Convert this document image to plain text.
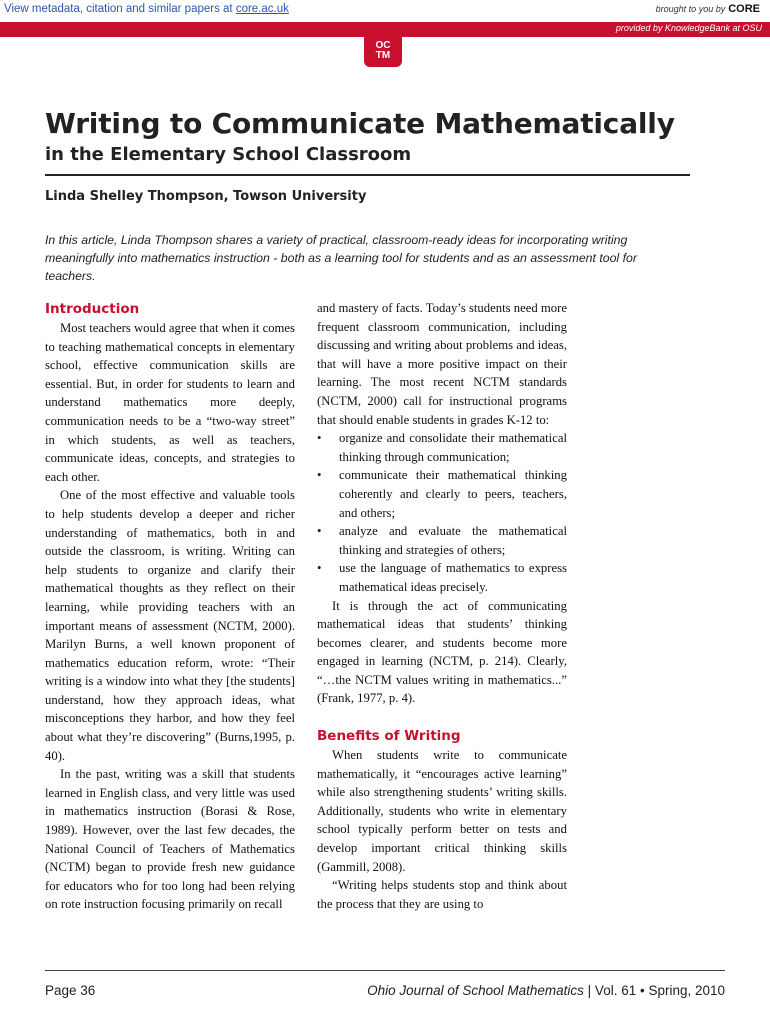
View metadata, citation and similar papers at core.ac.uk	brought to you by CORE
provided by KnowledgeBank at OSU
OC
TM
Writing to Communicate Mathematically
in the Elementary School Classroom
Linda Shelley Thompson, Towson University

In this article, Linda Thompson shares a variety of practical, classroom-ready ideas for incorporating writing meaningfully into mathematics instruction - both as a learning tool for students and as an assessment tool for teachers.

Introduction

Most teachers would agree that when it comes to teaching mathematical concepts in elementary school, effective communication skills are essential. But, in order for students to learn and understand mathematics more deeply, communication needs to be a “two-way street” in which students, as well as teachers, communicate ideas, concepts, and strategies to each other.

One of the most effective and valuable tools to help students develop a deeper and richer understanding of mathematics, both in and outside the classroom, is writing. Writing can help students to organize and clarify their mathematical thoughts as they reflect on their learning, while providing teachers with an important means of assessment (NCTM, 2000). Marilyn Burns, a well known proponent of mathematics education reform, wrote: “Their writing is a window into what they [the students] understand, how they approach ideas, what misconceptions they harbor, and how they feel about what they’re discovering” (Burns,1995, p. 40).

In the past, writing was a skill that students learned in English class, and very little was used in mathematics instruction (Borasi & Rose, 1989). However, over the last few decades, the National Council of Teachers of Mathematics (NCTM) began to provide fresh new guidance for educators who for too long had been relying on rote instruction focusing primarily on recall

and mastery of facts. Today’s students need more frequent classroom communication, including discussing and writing about problems and ideas, that will have a more positive impact on their learning. The most recent NCTM standards (NCTM, 2000) call for instructional programs that should enable students in grades K-12 to:

• organize and consolidate their mathematical thinking through communication;
• communicate their mathematical thinking coherently and clearly to peers, teachers, and others;
• analyze and evaluate the mathematical thinking and strategies of others;
• use the language of mathematics to express mathematical ideas precisely.

It is through the act of communicating mathematical ideas that students’ thinking becomes clearer, and students become more engaged in learning (NCTM, p. 214). Clearly, “…the NCTM values writing in mathematics...” (Frank, 1977, p. 4).

Benefits of Writing

When students write to communicate mathematically, it “encourages active learning” while also strengthening students’ writing skills. Additionally, students who write in elementary school typically perform better on tests and develop important critical thinking skills (Gammill, 2008).

“Writing helps students stop and think about the process that they are using to

Page 36	Ohio Journal of School Mathematics | Vol. 61 • Spring, 2010
